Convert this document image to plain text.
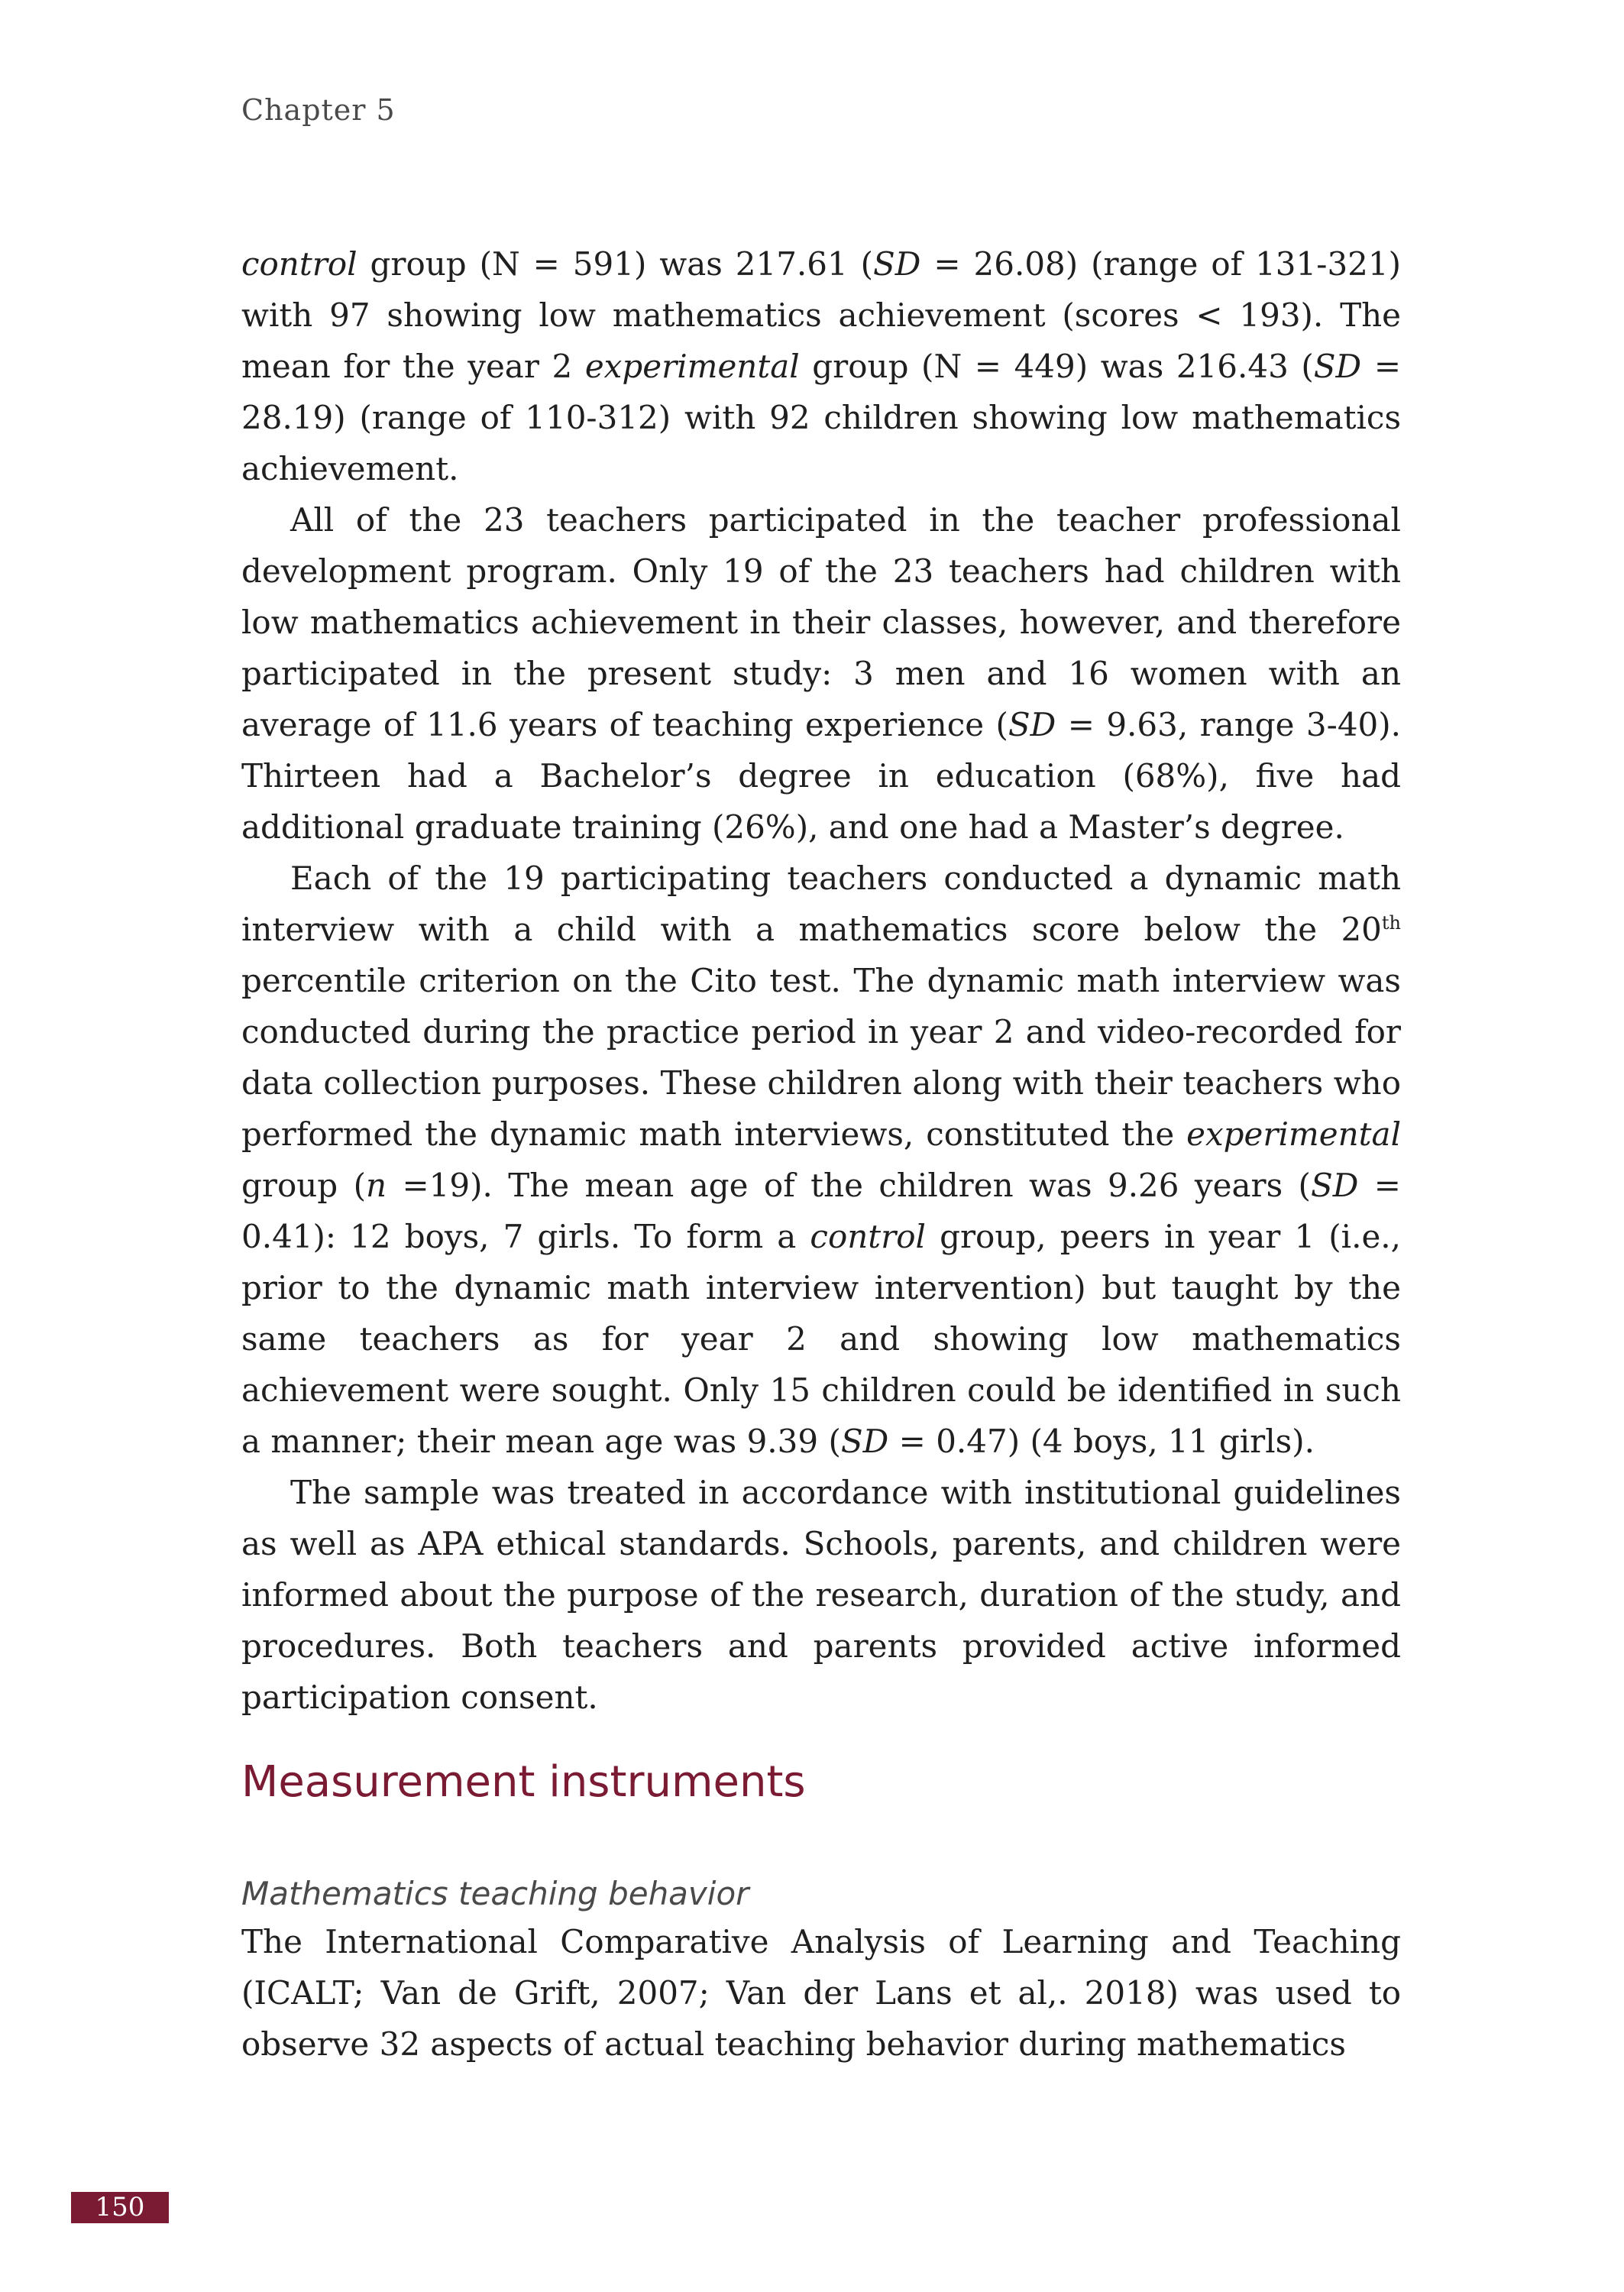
Chapter 5

control group (N = 591) was 217.61 (SD = 26.08) (range of 131-321) with 97 showing low mathematics achievement (scores < 193). The mean for the year 2 experimental group (N = 449) was 216.43 (SD = 28.19) (range of 110-312) with 92 children showing low mathematics achievement.

All of the 23 teachers participated in the teacher professional development program. Only 19 of the 23 teachers had children with low mathematics achievement in their classes, however, and therefore participated in the present study: 3 men and 16 women with an average of 11.6 years of teaching experience (SD = 9.63, range 3-40). Thirteen had a Bachelor’s degree in education (68%), five had additional graduate training (26%), and one had a Master’s degree.

Each of the 19 participating teachers conducted a dynamic math interview with a child with a mathematics score below the 20th percentile criterion on the Cito test. The dynamic math interview was conducted during the practice period in year 2 and video-recorded for data collection purposes. These children along with their teachers who performed the dynamic math interviews, constituted the experimental group (n =19). The mean age of the children was 9.26 years (SD = 0.41): 12 boys, 7 girls. To form a control group, peers in year 1 (i.e., prior to the dynamic math interview intervention) but taught by the same teachers as for year 2 and showing low mathematics achievement were sought. Only 15 children could be identified in such a manner; their mean age was 9.39 (SD = 0.47) (4 boys, 11 girls).

The sample was treated in accordance with institutional guidelines as well as APA ethical standards. Schools, parents, and children were informed about the purpose of the research, duration of the study, and procedures. Both teachers and parents provided active informed participation consent.

Measurement instruments
Mathematics teaching behavior
The International Comparative Analysis of Learning and Teaching (ICALT; Van de Grift, 2007; Van der Lans et al,. 2018) was used to observe 32 aspects of actual teaching behavior during mathematics
150
